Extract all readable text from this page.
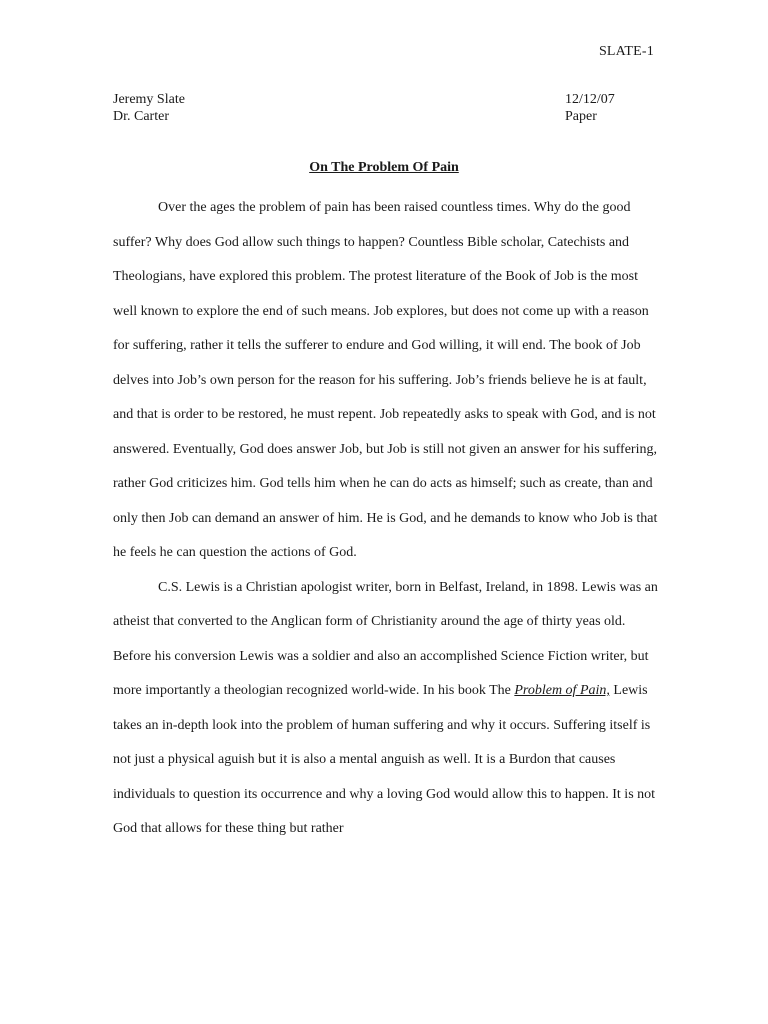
SLATE-1
Jeremy Slate	12/12/07
Dr. Carter	Paper
On The Problem Of Pain

Over the ages the problem of pain has been raised countless times. Why do the good suffer? Why does God allow such things to happen? Countless Bible scholar, Catechists and Theologians, have explored this problem. The protest literature of the Book of Job is the most well known to explore the end of such means. Job explores, but does not come up with a reason for suffering, rather it tells the sufferer to endure and God willing, it will end. The book of Job delves into Job’s own person for the reason for his suffering. Job’s friends believe he is at fault, and that is order to be restored, he must repent. Job repeatedly asks to speak with God, and is not answered. Eventually, God does answer Job, but Job is still not given an answer for his suffering, rather God criticizes him. God tells him when he can do acts as himself; such as create, than and only then Job can demand an answer of him. He is God, and he demands to know who Job is that he feels he can question the actions of God.

C.S. Lewis is a Christian apologist writer, born in Belfast, Ireland, in 1898. Lewis was an atheist that converted to the Anglican form of Christianity around the age of thirty yeas old. Before his conversion Lewis was a soldier and also an accomplished Science Fiction writer, but more importantly a theologian recognized world-wide. In his book The Problem of Pain, Lewis takes an in-depth look into the problem of human suffering and why it occurs. Suffering itself is not just a physical aguish but it is also a mental anguish as well. It is a Burdon that causes individuals to question its occurrence and why a loving God would allow this to happen. It is not God that allows for these thing but rather
